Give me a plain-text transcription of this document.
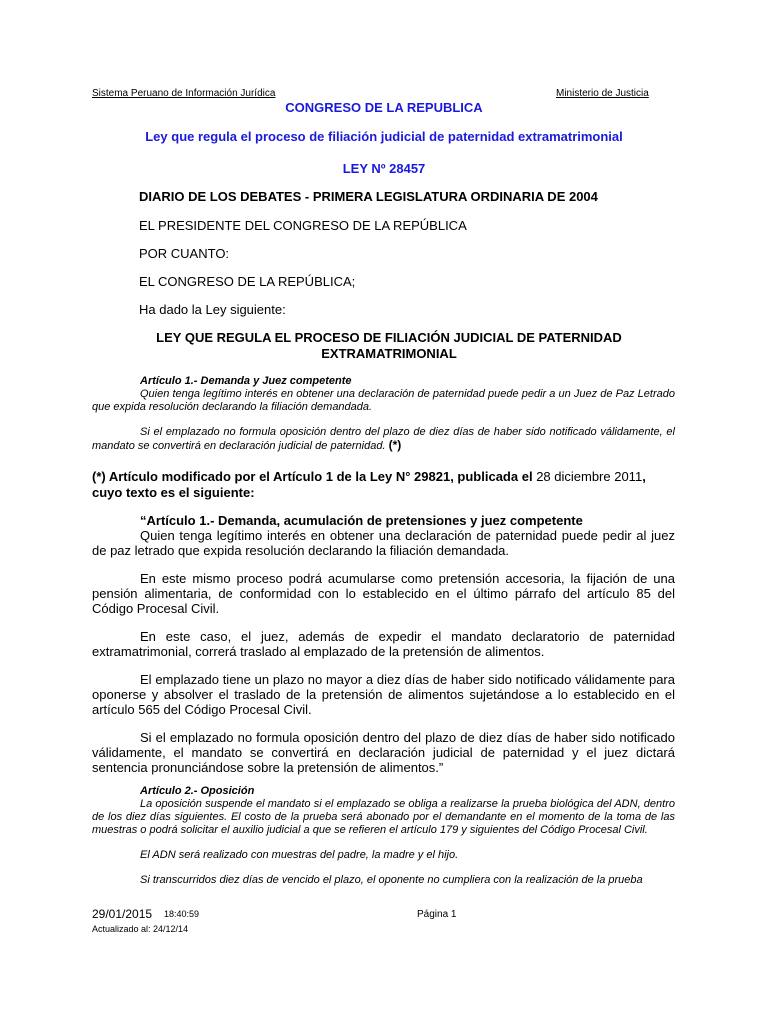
Sistema Peruano de Información Jurídica	Ministerio de Justicia
CONGRESO DE LA REPUBLICA
Ley que regula el proceso de filiación judicial de paternidad extramatrimonial
LEY Nº 28457
DIARIO DE LOS DEBATES - PRIMERA LEGISLATURA ORDINARIA DE 2004
EL PRESIDENTE DEL CONGRESO DE LA REPÚBLICA
POR CUANTO:
EL CONGRESO DE LA REPÚBLICA;
Ha dado la Ley siguiente:
LEY QUE REGULA EL PROCESO DE FILIACIÓN JUDICIAL DE PATERNIDAD EXTRAMATRIMONIAL

Artículo 1.- Demanda y Juez competente

Quien tenga legítimo interés en obtener una declaración de paternidad puede pedir a un Juez de Paz Letrado que expida resolución declarando la filiación demandada.

Si el emplazado no formula oposición dentro del plazo de diez días de haber sido notificado válidamente, el mandato se convertirá en declaración judicial de paternidad. (*)

(*) Artículo modificado por el Artículo 1 de la Ley N° 29821, publicada el 28 diciembre 2011, cuyo texto es el siguiente:

“Artículo 1.- Demanda, acumulación de pretensiones y juez competente

Quien tenga legítimo interés en obtener una declaración de paternidad puede pedir al juez de paz letrado que expida resolución declarando la filiación demandada.

En este mismo proceso podrá acumularse como pretensión accesoria, la fijación de una pensión alimentaria, de conformidad con lo establecido en el último párrafo del artículo 85 del Código Procesal Civil.

En este caso, el juez, además de expedir el mandato declaratorio de paternidad extramatrimonial, correrá traslado al emplazado de la pretensión de alimentos.

El emplazado tiene un plazo no mayor a diez días de haber sido notificado válidamente para oponerse y absolver el traslado de la pretensión de alimentos sujetándose a lo establecido en el artículo 565 del Código Procesal Civil.

Si el emplazado no formula oposición dentro del plazo de diez días de haber sido notificado válidamente, el mandato se convertirá en declaración judicial de paternidad y el juez dictará sentencia pronunciándose sobre la pretensión de alimentos.”

Artículo 2.- Oposición

La oposición suspende el mandato si el emplazado se obliga a realizarse la prueba biológica del ADN, dentro de los diez días siguientes. El costo de la prueba será abonado por el demandante en el momento de la toma de las muestras o podrá solicitar el auxilio judicial a que se refieren el artículo 179 y siguientes del Código Procesal Civil.

El ADN será realizado con muestras del padre, la madre y el hijo.

Si transcurridos diez días de vencido el plazo, el oponente no cumpliera con la realización de la prueba

29/01/2015 18:40:59	Página 1
Actualizado al: 24/12/14
